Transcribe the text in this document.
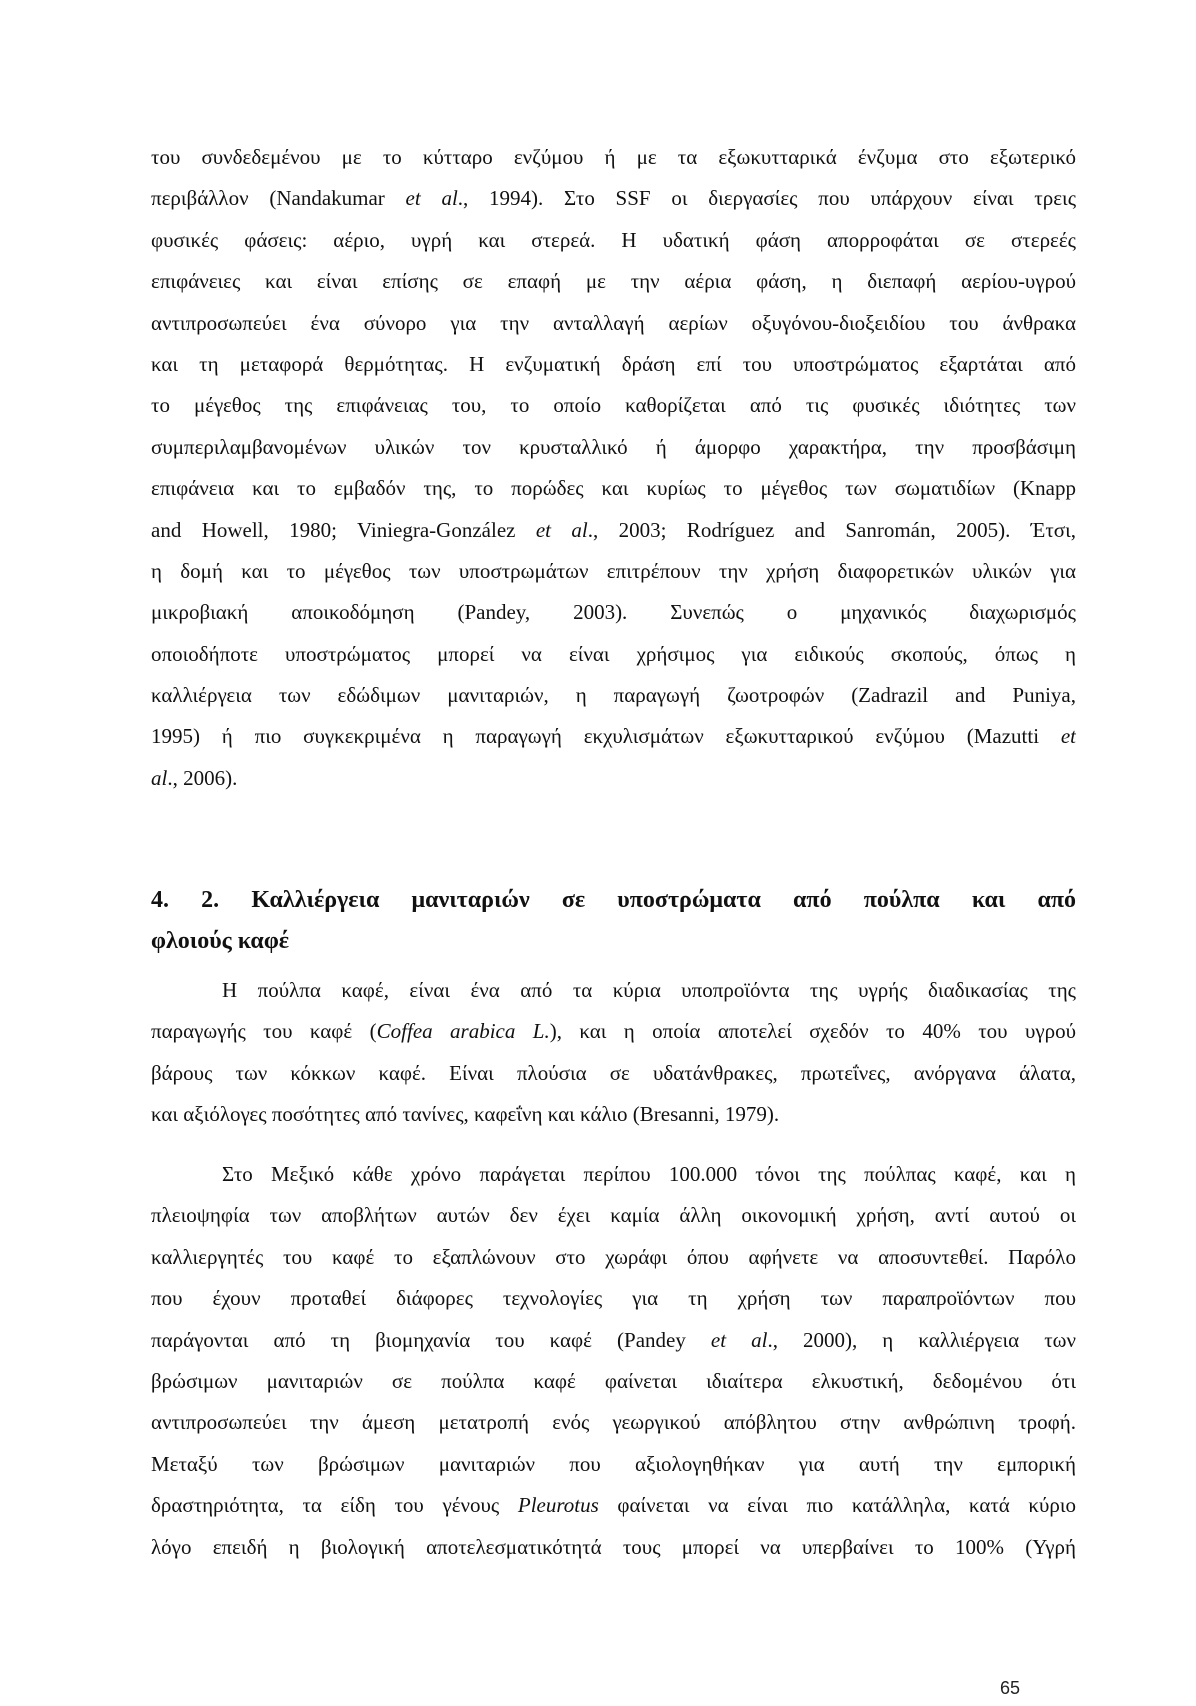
του συνδεδεμένου με το κύτταρο ενζύμου ή με τα εξωκυτταρικά ένζυμα στο εξωτερικό
περιβάλλον (Nandakumar et al., 1994). Στο SSF οι διεργασίες που υπάρχουν είναι τρεις
φυσικές φάσεις: αέριο, υγρή και στερεά. Η υδατική φάση απορροφάται σε στερεές
επιφάνειες και είναι επίσης σε επαφή με την αέρια φάση, η διεπαφή αερίου-υγρού
αντιπροσωπεύει ένα σύνορο για την ανταλλαγή αερίων οξυγόνου-διοξειδίου του άνθρακα
και τη μεταφορά θερμότητας. Η ενζυματική δράση επί του υποστρώματος εξαρτάται από
το μέγεθος της επιφάνειας του, το οποίο καθορίζεται από τις φυσικές ιδιότητες των
συμπεριλαμβανομένων υλικών τον κρυσταλλικό ή άμορφο χαρακτήρα, την προσβάσιμη
επιφάνεια και το εμβαδόν της, το πορώδες και κυρίως το μέγεθος των σωματιδίων (Knapp
and Howell, 1980; Viniegra-González et al., 2003; Rodríguez and Sanromán, 2005). Έτσι,
η δομή και το μέγεθος των υποστρωμάτων επιτρέπουν την χρήση διαφορετικών υλικών για
μικροβιακή αποικοδόμηση (Pandey, 2003). Συνεπώς ο μηχανικός διαχωρισμός
οποιοδήποτε υποστρώματος μπορεί να είναι χρήσιμος για ειδικούς σκοπούς, όπως η
καλλιέργεια των εδώδιμων μανιταριών, η παραγωγή ζωοτροφών (Zadrazil and Puniya,
1995) ή πιο συγκεκριμένα η παραγωγή εκχυλισμάτων εξωκυτταρικού ενζύμου (Mazutti et
al., 2006).
4. 2. Καλλιέργεια μανιταριών σε υποστρώματα από πούλπα και από
φλοιούς καφέ
Η πούλπα καφέ, είναι ένα από τα κύρια υποπροϊόντα της υγρής διαδικασίας της
παραγωγής του καφέ (Coffea arabica L.), και η οποία αποτελεί σχεδόν το 40% του υγρού
βάρους των κόκκων καφέ. Είναι πλούσια σε υδατάνθρακες, πρωτεΐνες, ανόργανα άλατα,
και αξιόλογες ποσότητες από τανίνες, καφεΐνη και κάλιο (Bresanni, 1979).
Στο Μεξικό κάθε χρόνο παράγεται περίπου 100.000 τόνοι της πούλπας καφέ, και η
πλειοψηφία των αποβλήτων αυτών δεν έχει καμία άλλη οικονομική χρήση, αντί αυτού οι
καλλιεργητές του καφέ το εξαπλώνουν στο χωράφι όπου αφήνετε να αποσυντεθεί. Παρόλο
που έχουν προταθεί διάφορες τεχνολογίες για τη χρήση των παραπροϊόντων που
παράγονται από τη βιομηχανία του καφέ (Pandey et al., 2000), η καλλιέργεια των
βρώσιμων μανιταριών σε πούλπα καφέ φαίνεται ιδιαίτερα ελκυστική, δεδομένου ότι
αντιπροσωπεύει την άμεση μετατροπή ενός γεωργικού απόβλητου στην ανθρώπινη τροφή.
Μεταξύ των βρώσιμων μανιταριών που αξιολογηθήκαν για αυτή την εμπορική
δραστηριότητα, τα είδη του γένους Pleurotus φαίνεται να είναι πιο κατάλληλα, κατά κύριο
λόγο επειδή η βιολογική αποτελεσματικότητά τους μπορεί να υπερβαίνει το 100% (Υγρή
65
